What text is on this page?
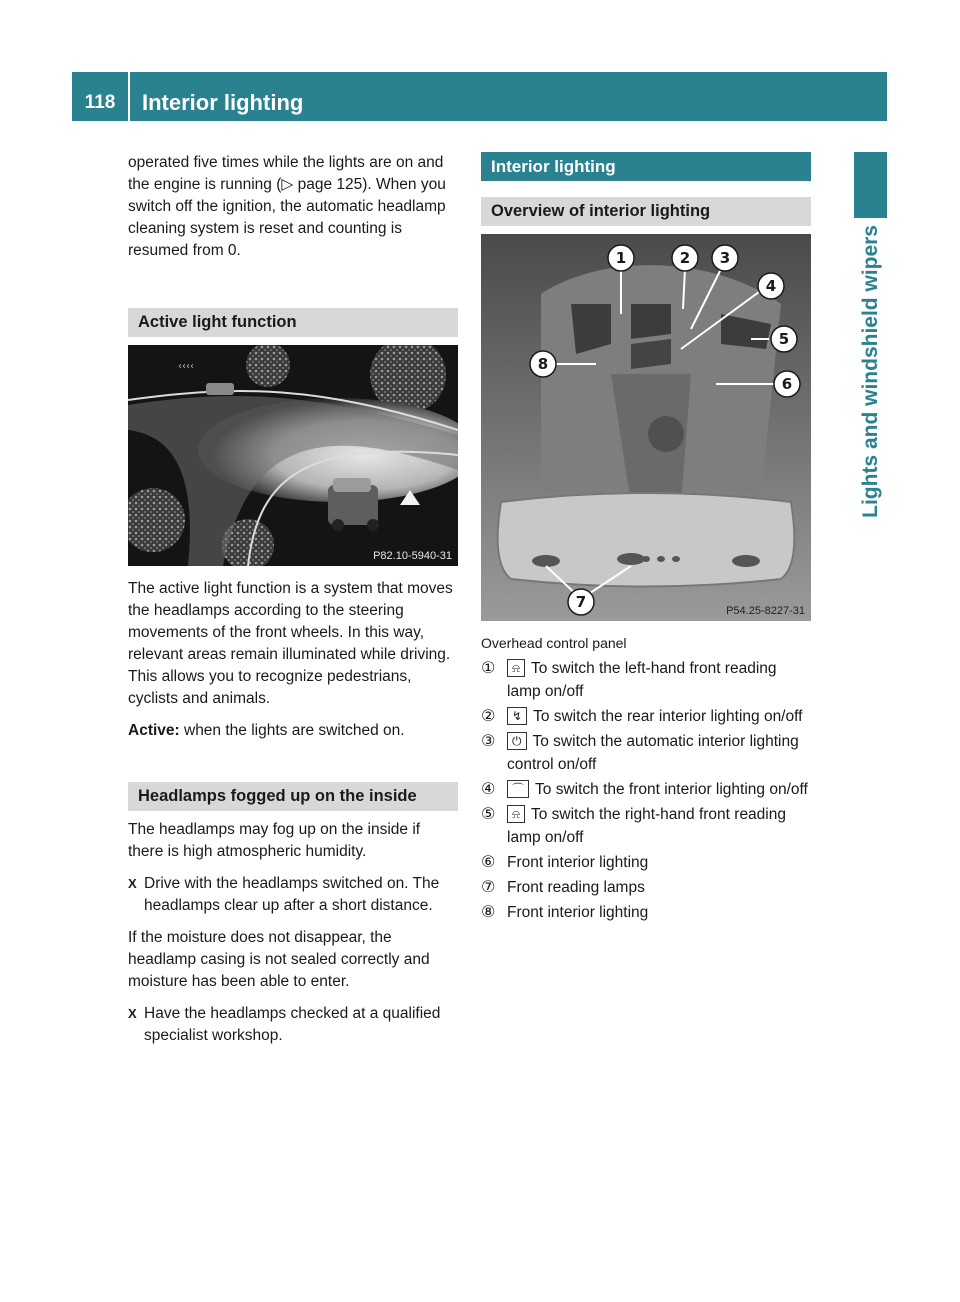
118	Interior lighting
Lights and windshield wipers

operated five times while the lights are on and the engine is running (▷ page 125). When you switch off the ignition, the automatic headlamp cleaning system is reset and counting is resumed from 0.

Active light function
‹‹‹‹
P82.10-5940-31

The active light function is a system that moves the headlamps according to the steering movements of the front wheels. In this way, relevant areas remain illuminated while driving. This allows you to recognize pedestrians, cyclists and animals.

Active: when the lights are switched on.

Headlamps fogged up on the inside

The headlamps may fog up on the inside if there is high atmospheric humidity.

X Drive with the headlamps switched on. The headlamps clear up after a short distance.

If the moisture does not disappear, the headlamp casing is not sealed correctly and moisture has been able to enter.

X Have the headlamps checked at a qualified specialist workshop.

Interior lighting
Overview of interior lighting
1	2 3
4
5
6
7
8
P54.25-8227-31
Overhead control panel
① ⍾ To switch the left-hand front reading lamp on/off
② ↯ To switch the rear interior lighting on/off
③ ⏻ To switch the automatic interior lighting control on/off
④ ⌒ To switch the front interior lighting on/off
⑤ ⍾ To switch the right-hand front reading lamp on/off
⑥ Front interior lighting
⑦ Front reading lamps
⑧ Front interior lighting
